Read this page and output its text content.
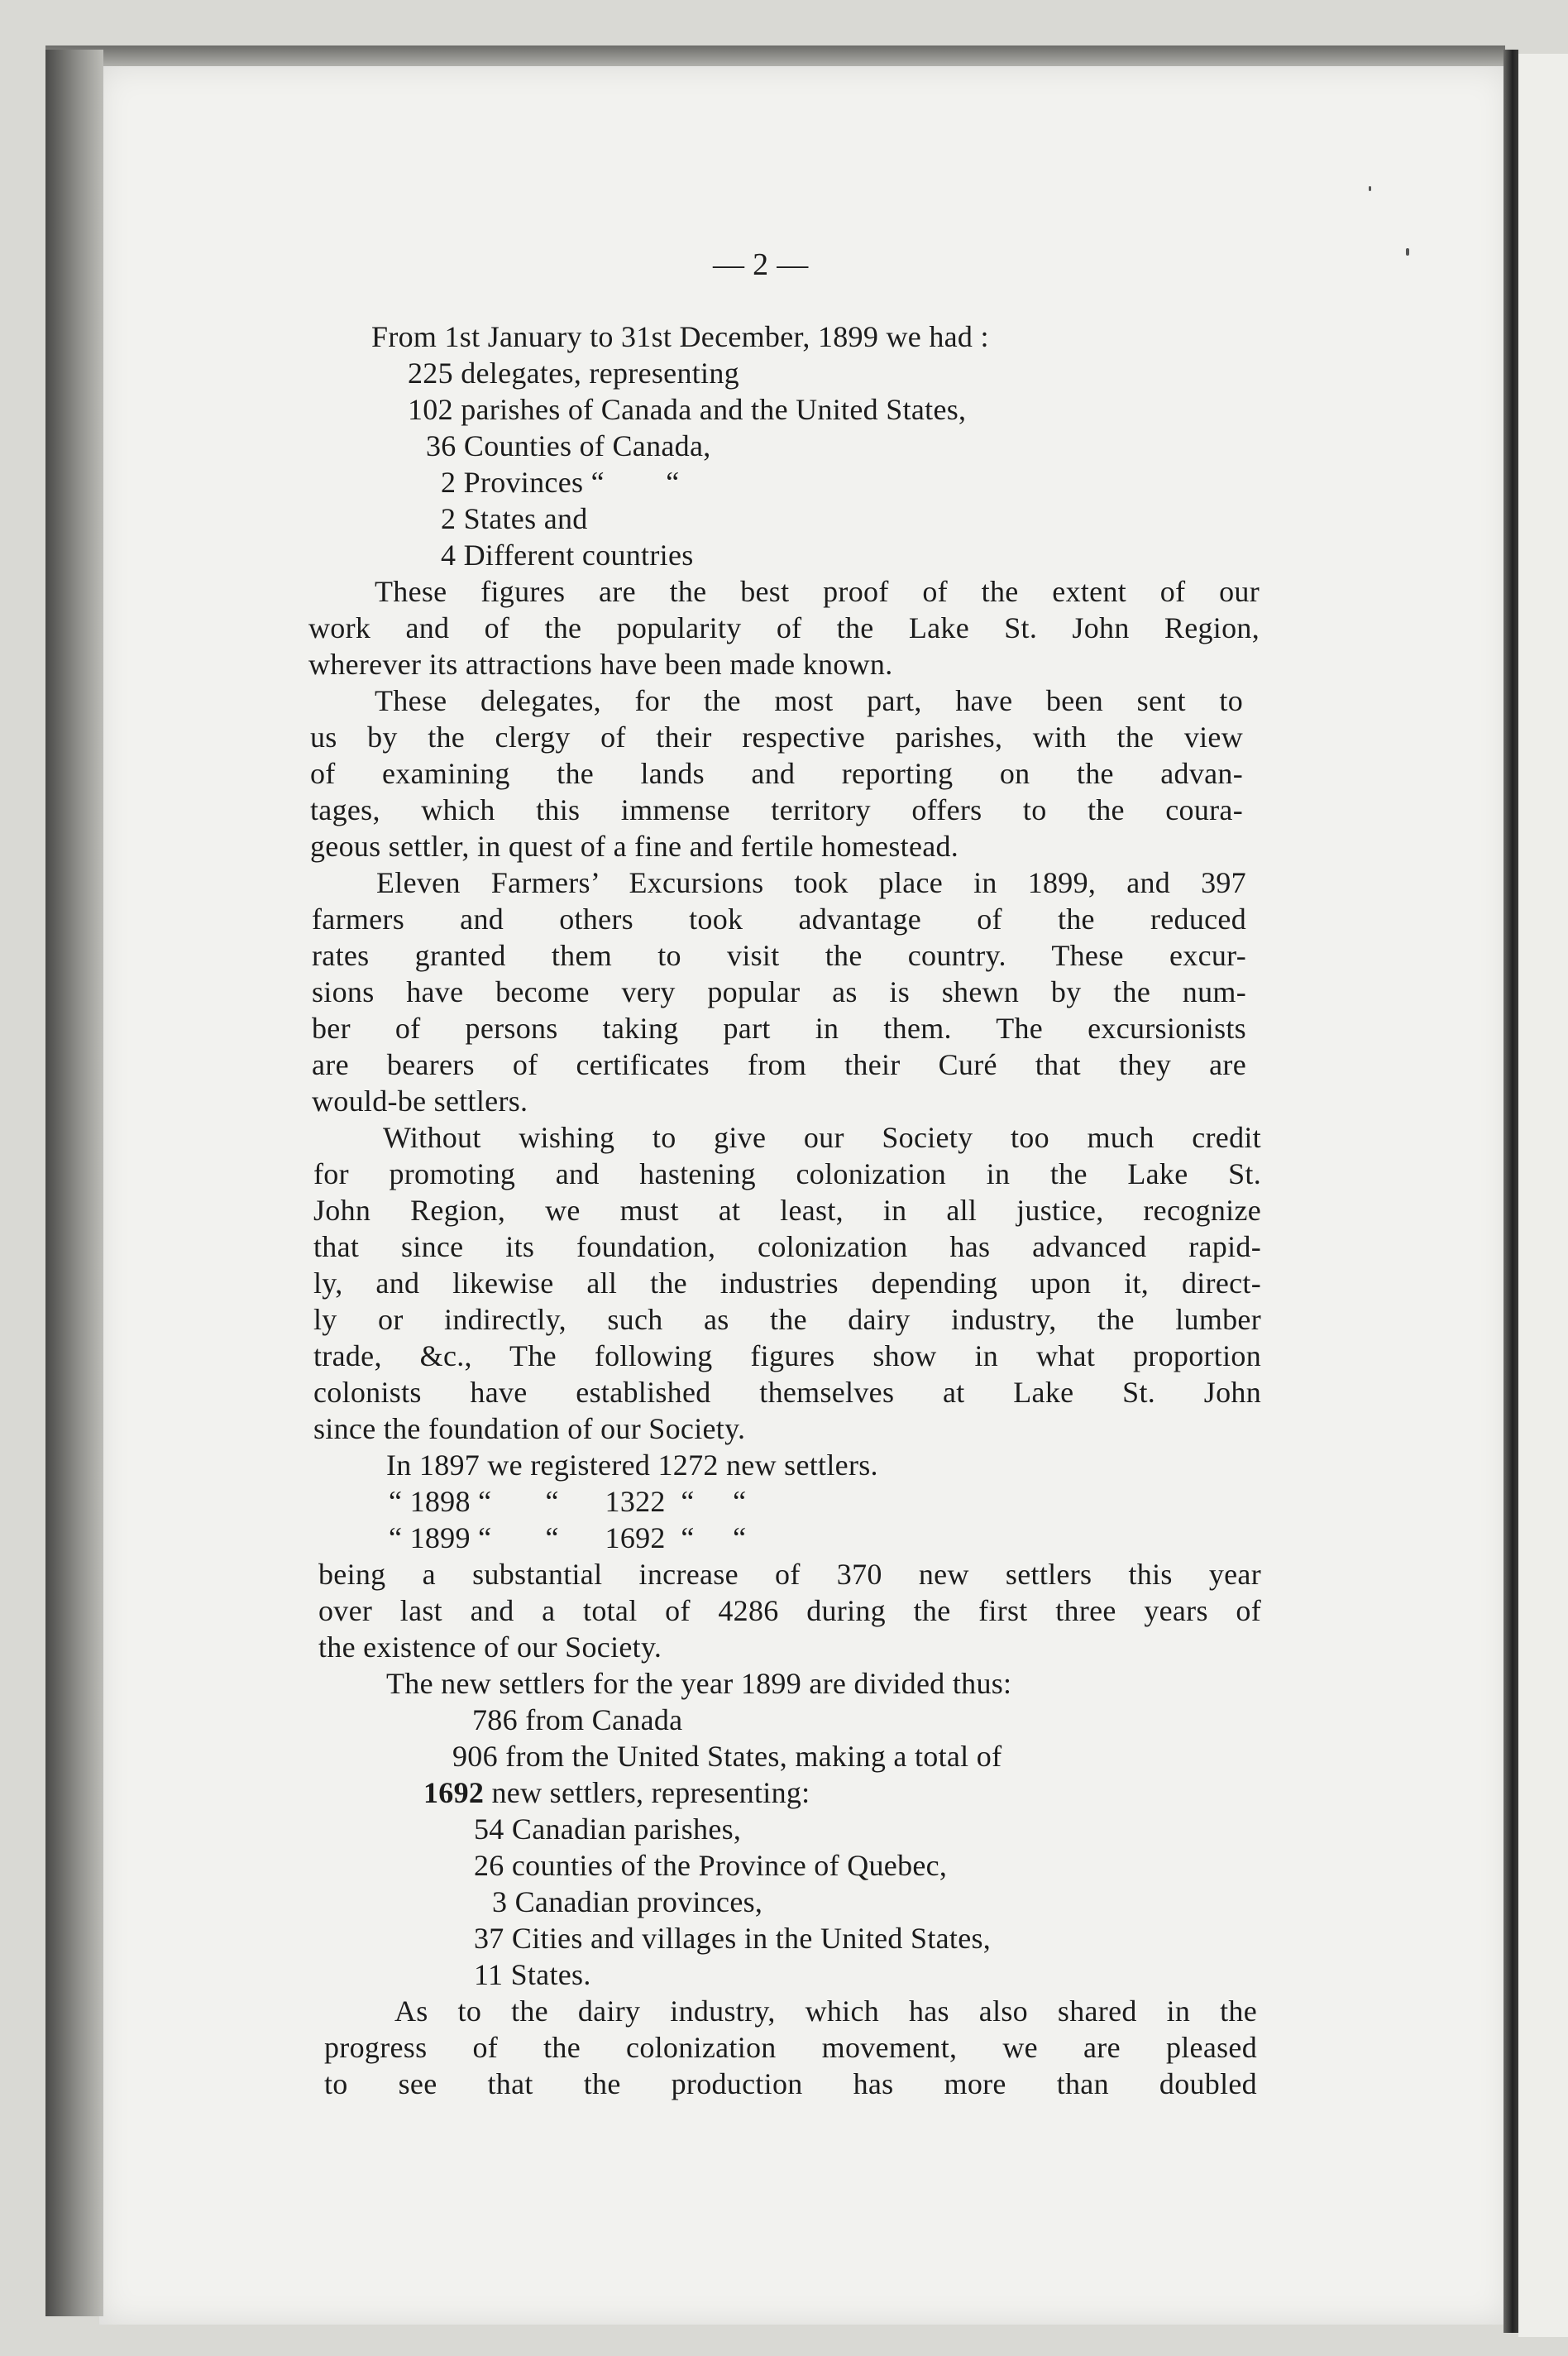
— 2 —
From 1st January to 31st December, 1899 we had :
225 delegates, representing
102 parishes of Canada and the United States,
36 Counties of Canada,
2 Provinces “        “
2 States and
4 Different countries
These figures are the best proof of the extent of our
work and of the popularity of the Lake St. John Region,
wherever its attractions have been made known.
These delegates, for the most part, have been sent to
us by the clergy of their respective parishes, with the view
of examining the lands and reporting on the advan-
tages, which this immense territory offers to the coura-
geous settler, in quest of a fine and fertile homestead.
Eleven Farmers’ Excursions took place in 1899, and 397
farmers and others took advantage of the reduced
rates granted them to visit the country. These excur-
sions have become very popular as is shewn by the num-
ber of persons taking part in them. The excursionists
are bearers of certificates from their Curé that they are
would-be settlers.
Without wishing to give our Society too much credit
for promoting and hastening colonization in the Lake St.
John Region, we must at least, in all justice, recognize
that since its foundation, colonization has advanced rapid-
ly, and likewise all the industries depending upon it, direct-
ly or indirectly, such as the dairy industry, the lumber
trade, &c., The following figures show in what proportion
colonists have established themselves at Lake St. John
since the foundation of our Society.
In 1897 we registered 1272 new settlers.
“ 1898 “       “      1322  “     “
“ 1899 “       “      1692  “     “
being a substantial increase of 370 new settlers this year
over last and a total of 4286 during the first three years of
the existence of our Society.
The new settlers for the year 1899 are divided thus:
786 from Canada
906 from the United States, making a total of
1692 new settlers, representing:
54 Canadian parishes,
26 counties of the Province of Quebec,
3 Canadian provinces,
37 Cities and villages in the United States,
11 States.
As to the dairy industry, which has also shared in the
progress of the colonization movement, we are pleased
to see that the production has more than doubled
